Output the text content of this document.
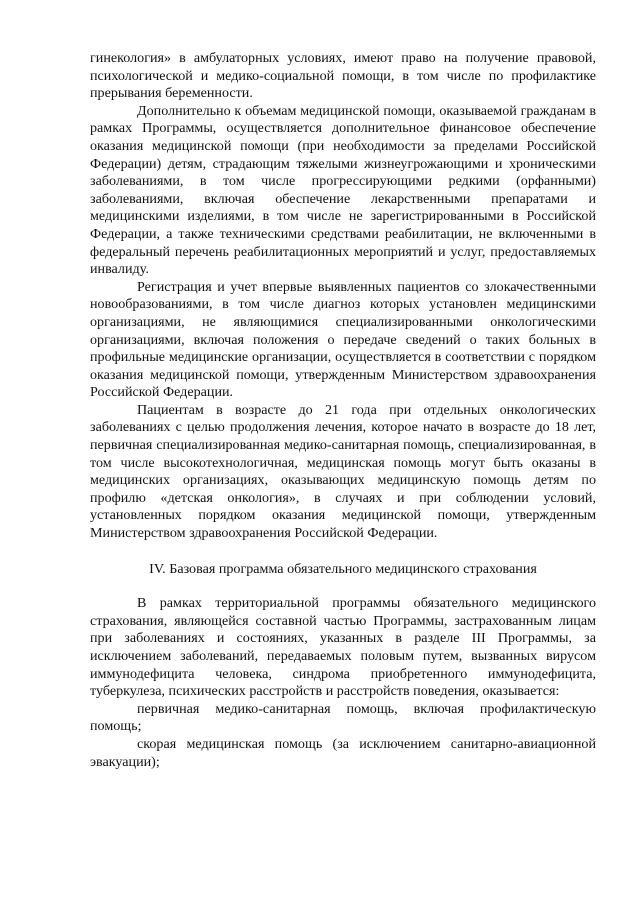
гинекология» в амбулаторных условиях, имеют право на получение правовой, психологической и медико-социальной помощи, в том числе по профилактике прерывания беременности.

Дополнительно к объемам медицинской помощи, оказываемой гражданам в рамках Программы, осуществляется дополнительное финансовое обеспечение оказания медицинской помощи (при необходимости за пределами Российской Федерации) детям, страдающим тяжелыми жизнеугрожающими и хроническими заболеваниями, в том числе прогрессирующими редкими (орфанными) заболеваниями, включая обеспечение лекарственными препаратами и медицинскими изделиями, в том числе не зарегистрированными в Российской Федерации, а также техническими средствами реабилитации, не включенными в федеральный перечень реабилитационных мероприятий и услуг, предоставляемых инвалиду.

Регистрация и учет впервые выявленных пациентов со злокачественными новообразованиями, в том числе диагноз которых установлен медицинскими организациями, не являющимися специализированными онкологическими организациями, включая положения о передаче сведений о таких больных в профильные медицинские организации, осуществляется в соответствии с порядком оказания медицинской помощи, утвержденным Министерством здравоохранения Российской Федерации.

Пациентам в возрасте до 21 года при отдельных онкологических заболеваниях с целью продолжения лечения, которое начато в возрасте до 18 лет, первичная специализированная медико-санитарная помощь, специализированная, в том числе высокотехнологичная, медицинская помощь могут быть оказаны в медицинских организациях, оказывающих медицинскую помощь детям по профилю «детская онкология», в случаях и при соблюдении условий, установленных порядком оказания медицинской помощи, утвержденным Министерством здравоохранения Российской Федерации.

IV. Базовая программа обязательного медицинского страхования

В рамках территориальной программы обязательного медицинского страхования, являющейся составной частью Программы, застрахованным лицам при заболеваниях и состояниях, указанных в разделе III Программы, за исключением заболеваний, передаваемых половым путем, вызванных вирусом иммунодефицита человека, синдрома приобретенного иммунодефицита, туберкулеза, психических расстройств и расстройств поведения, оказывается:

первичная медико-санитарная помощь, включая профилактическую помощь;

скорая медицинская помощь (за исключением санитарно-авиационной эвакуации);
